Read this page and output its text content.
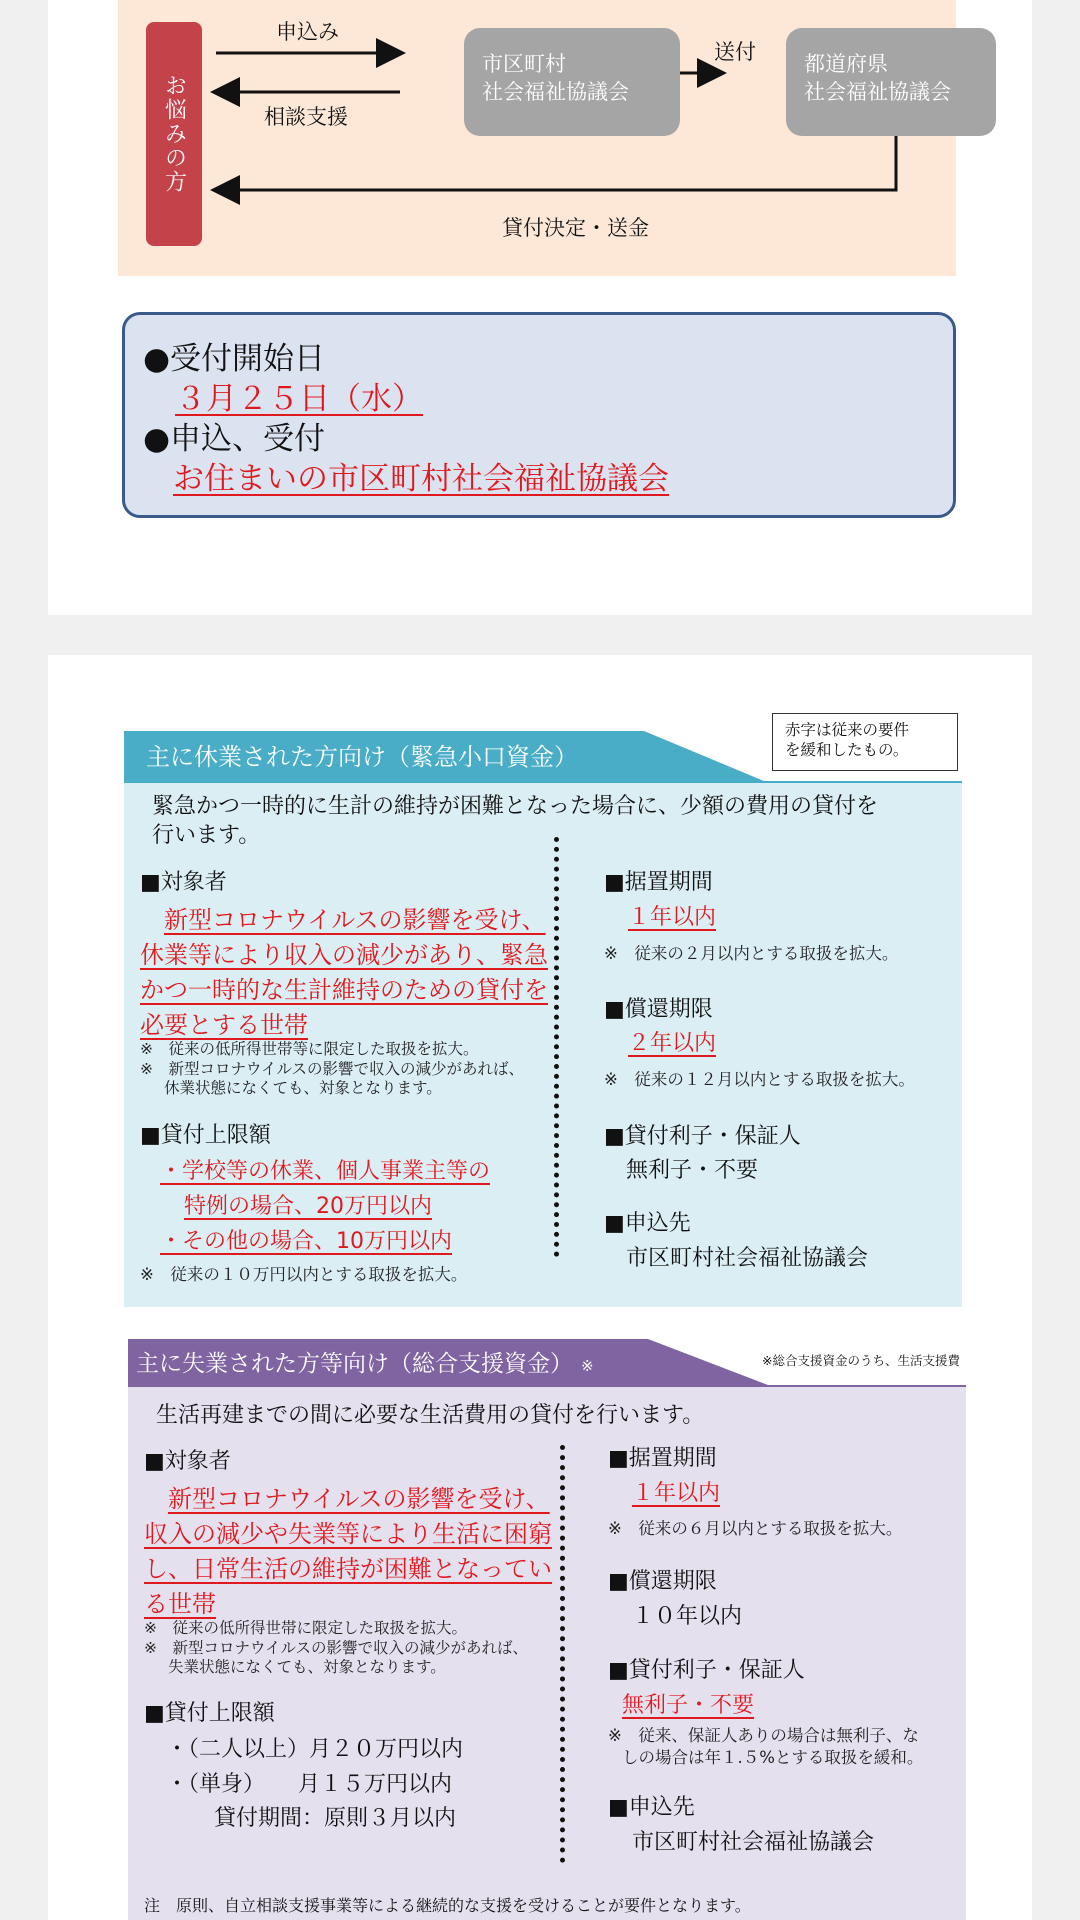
お悩みの方
申込み
相談支援
市区町村
社会福祉協議会
送付 都道府県
社会福祉協議会
貸付決定・送金
●受付開始日
３月２５日（水）
●申込、受付
お住まいの市区町村社会福祉協議会
赤字は従来の要件
を緩和したもの。
主に休業された方向け（緊急小口資金）
緊急かつ一時的に生計の維持が困難となった場合に、少額の費用の貸付を
行います。
■対象者
新型コロナウイルスの影響を受け、
休業等により収入の減少があり、緊急
かつ一時的な生計維持のための貸付を
必要とする世帯
※　従来の低所得世帯等に限定した取扱を拡大。
※　新型コロナウイルスの影響で収入の減少があれば、
休業状態になくても、対象となります。
■貸付上限額
・学校等の休業、個人事業主等の
特例の場合、20万円以内
・その他の場合、10万円以内
※　従来の１０万円以内とする取扱を拡大。
■据置期間
１年以内
※　従来の２月以内とする取扱を拡大。
■償還期限
２年以内
※　従来の１２月以内とする取扱を拡大。
■貸付利子・保証人
無利子・不要
■申込先
市区町村社会福祉協議会
主に失業された方等向け（総合支援資金） ※	※総合支援資金のうち、生活支援費
生活再建までの間に必要な生活費用の貸付を行います。
■対象者
新型コロナウイルスの影響を受け、
収入の減少や失業等により生活に困窮
し、日常生活の維持が困難となってい
る世帯
※　従来の低所得世帯に限定した取扱を拡大。
※　新型コロナウイルスの影響で収入の減少があれば、
失業状態になくても、対象となります。
■貸付上限額
・（二人以上）月２０万円以内
・（単身）　　月１５万円以内
貸付期間：原則３月以内
■据置期間
１年以内
※　従来の６月以内とする取扱を拡大。
■償還期限
１０年以内
■貸付利子・保証人
無利子・不要
※　従来、保証人ありの場合は無利子、な
しの場合は年１.５%とする取扱を緩和。
■申込先
市区町村社会福祉協議会
注　原則、自立相談支援事業等による継続的な支援を受けることが要件となります。
